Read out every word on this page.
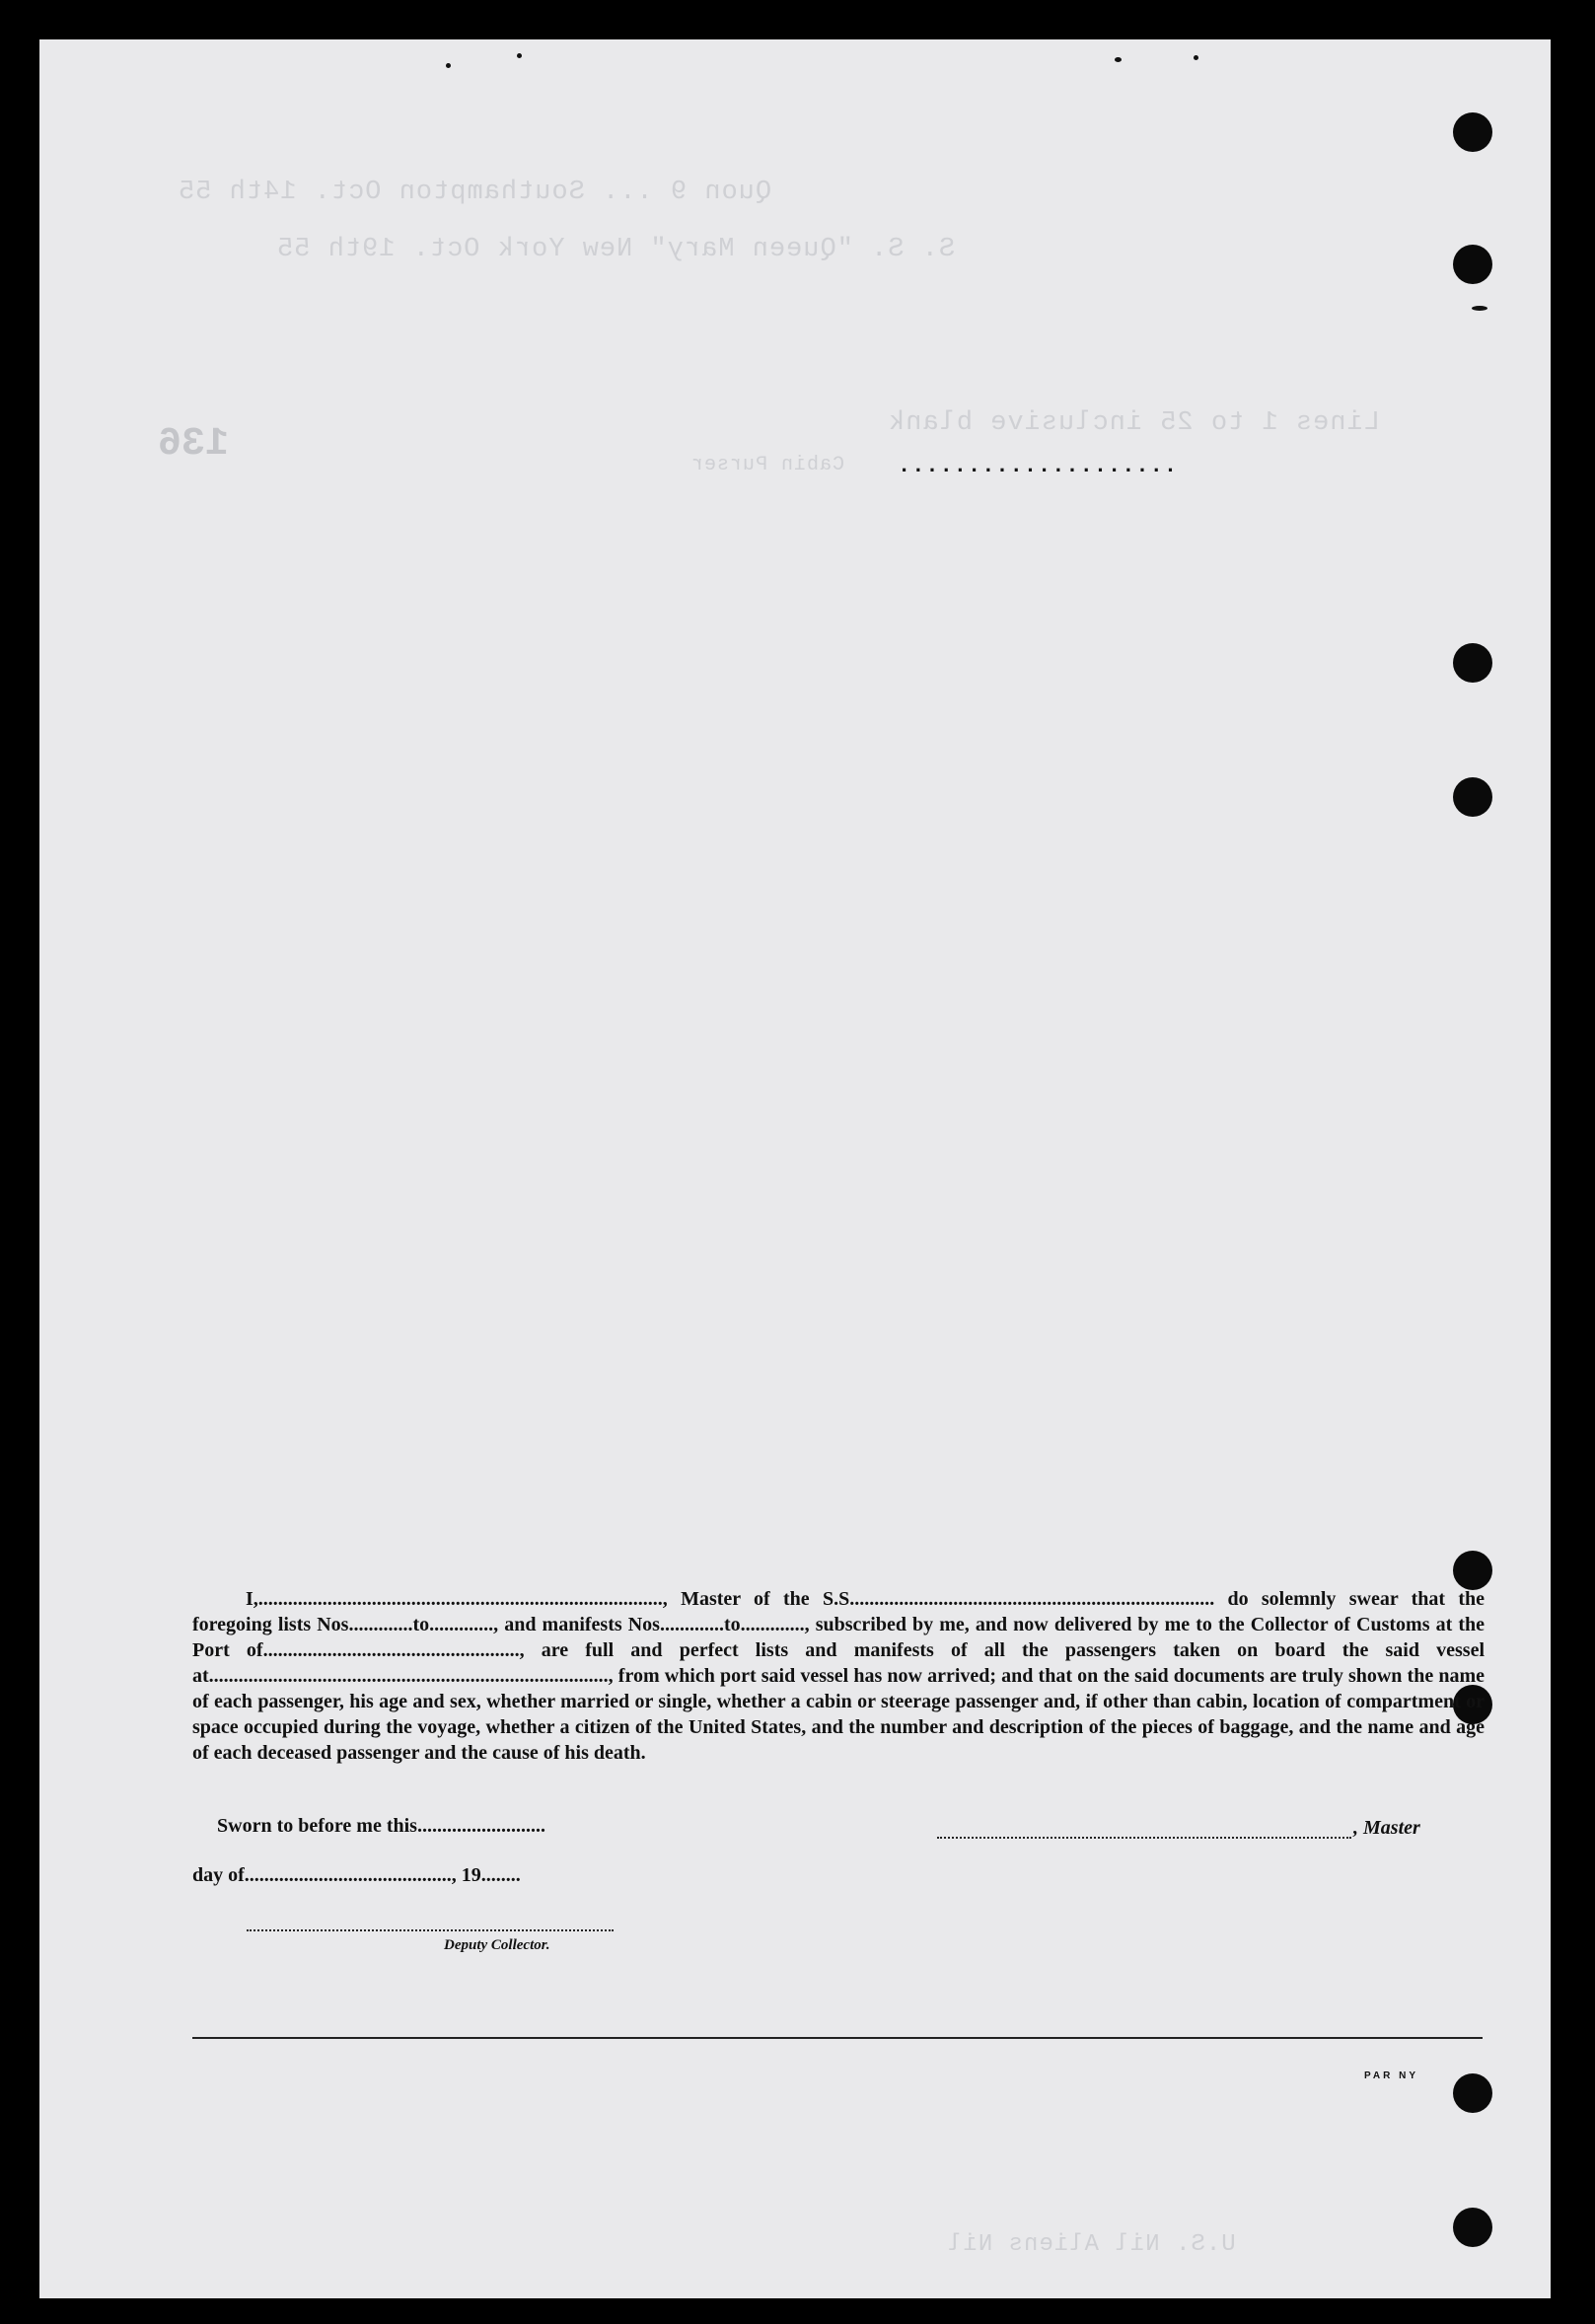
Quon 9 ... Southampton Oct. 14th 55
S. S. "Queen Mary" New York Oct. 19th 55
Lines 1 to 25 inclusive blank
Cabin Purser
136
U.S. Nil Aliens Nil
....................

I,.................................................................................., Master of the S.S.......................................................................... do solemnly swear that the foregoing lists Nos.............to............., and manifests Nos.............to............., subscribed by me, and now delivered by me to the Collector of Customs at the Port of...................................................., are full and perfect lists and manifests of all the passengers taken on board the said vessel at................................................................................., from which port said vessel has now arrived; and that on the said documents are truly shown the name of each passenger, his age and sex, whether married or single, whether a cabin or steerage passenger and, if other than cabin, location of compartment or space occupied during the voyage, whether a citizen of the United States, and the number and description of the pieces of baggage, and the name and age of each deceased passenger and the cause of his death.

Sworn to before me this..........................	, Master
day of.........................................., 19........
Deputy Collector.
PAR NY
